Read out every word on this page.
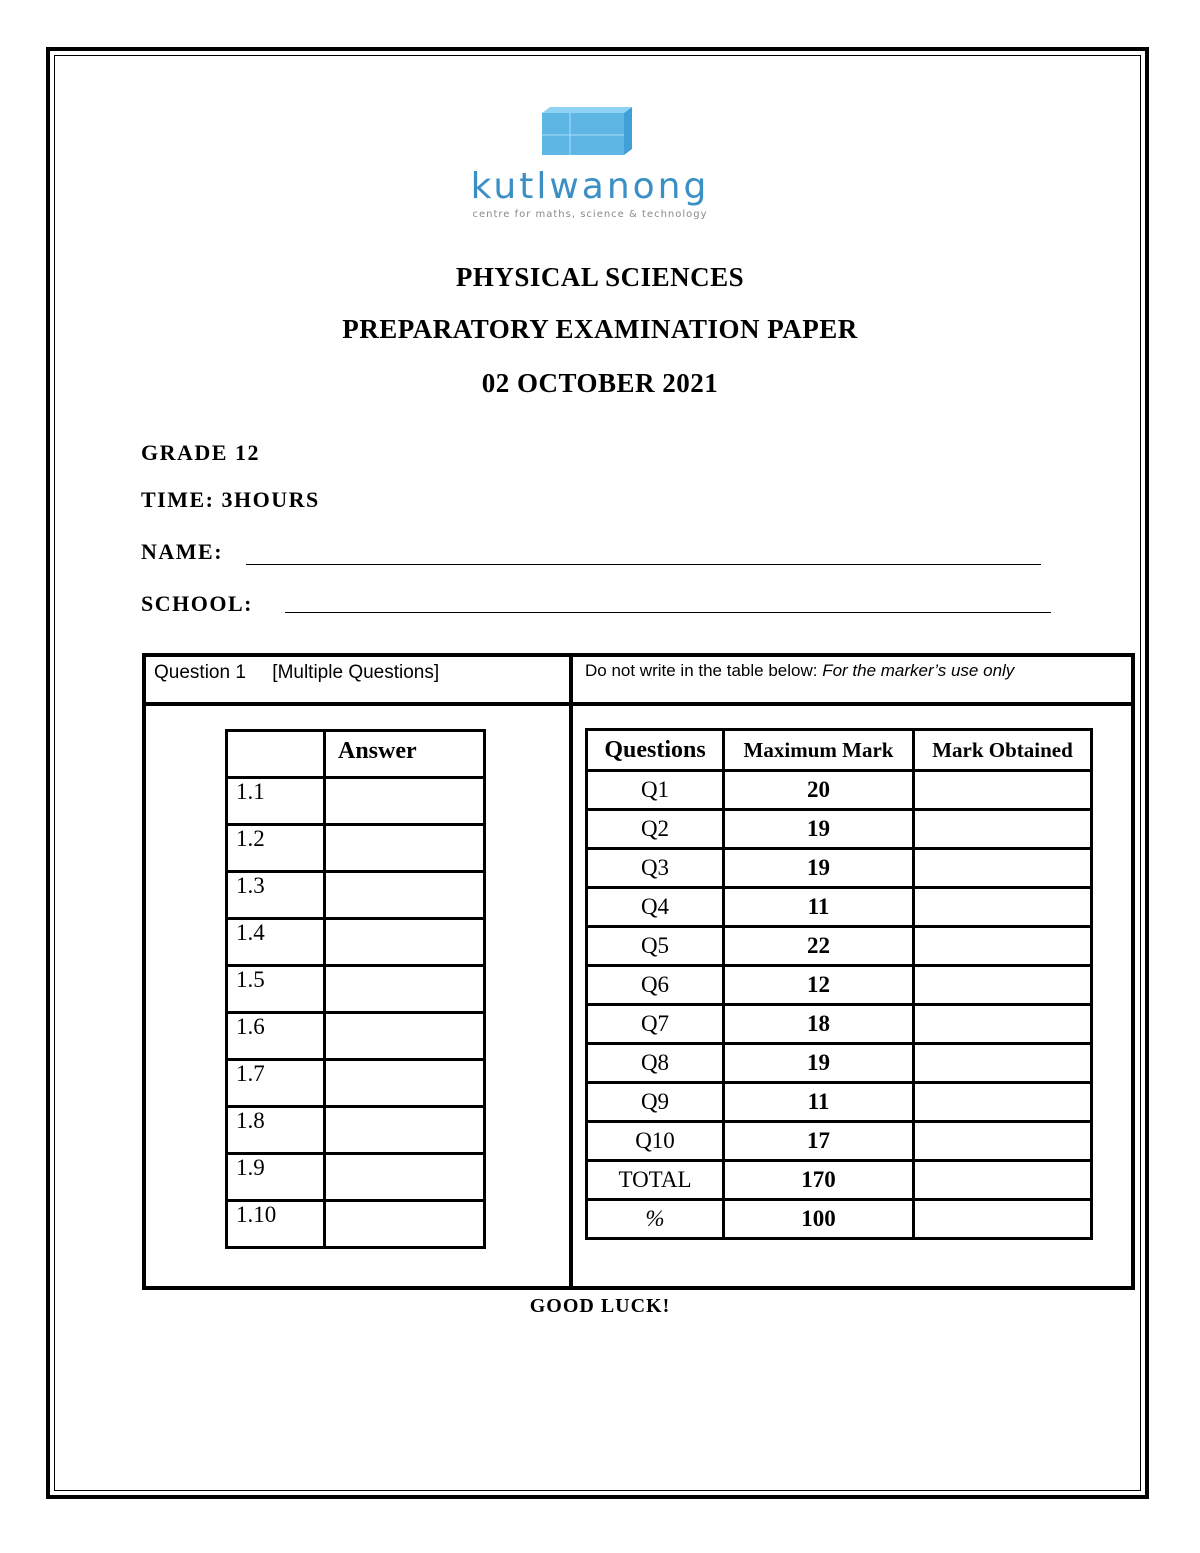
kutlwanong
centre for maths, science & technology
PHYSICAL SCIENCES
PREPARATORY EXAMINATION PAPER
02 OCTOBER 2021
GRADE 12
TIME: 3HOURS
NAME:
SCHOOL:
Question 1     [Multiple Questions]	Do not write in the table below: For the marker’s use only
	Answer
1.1	
1.2	
1.3	
1.4	
1.5	
1.6	
1.7	
1.8	
1.9	
1.10	
Questions	Maximum Mark	Mark Obtained
Q1	20	
Q2	19	
Q3	19	
Q4	11	
Q5	22	
Q6	12	
Q7	18	
Q8	19	
Q9	11	
Q10	17	
TOTAL	170	
%	100	
GOOD LUCK!
